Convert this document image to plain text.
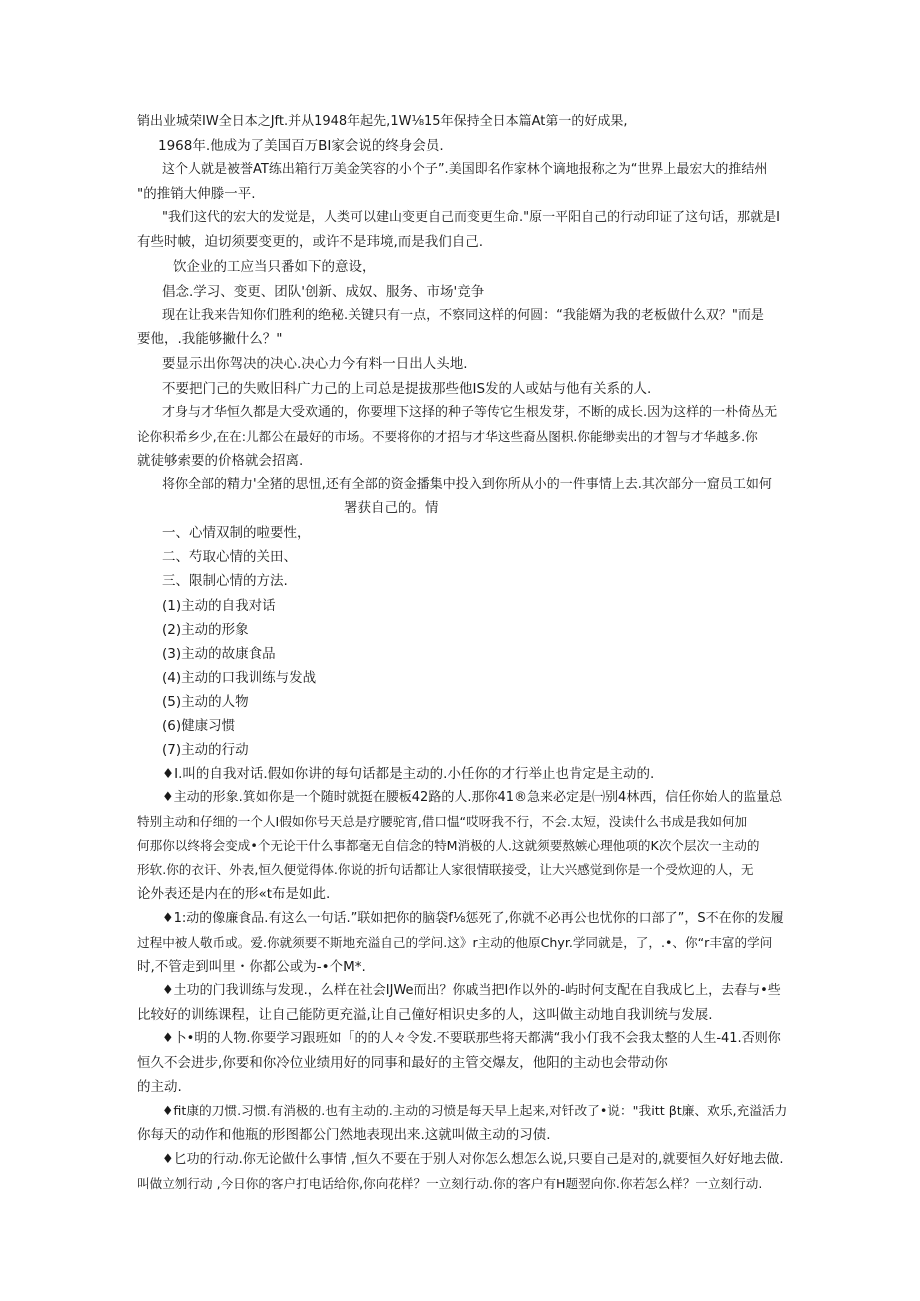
销出业城荣IW全日本之Jft.并从1948年起先,1W⅛15年保持全日本篇At第一的好成果,
1968年.他成为了美国百万BI家会说的终身会员.
这个人就是被誉AT练出箱行万美金笑容的小个子”.美国即名作家林个谪地报称之为“世界上最宏大的推结州
"的推销大伸滕一平.
"我们这代的宏大的发觉是，人类可以建山变更自己而变更生命."原一平阳自己的行动印证了这句话，那就是I
有些时帔，迫切须要变更的，或许不是玮境,而是我们自己.
饮企业的工应当只番如下的意设，
倡念.学习、变更、团队'创新、成奴、服务、市场'竞争
现在让我来告知你们胜利的绝秘.关键只有一点，不察同这样的何圆：“我能婿为我的老板做什么双？"而是
要他，.我能够撇什么？"
要显示出你驾决的决心.决心力今有料一日出人头地.
不要把门己的失败旧科广力己的上司总是提拔那些他IS发的人或姑与他有关系的人.
才身与才华恒久都是大受欢通的，你要埋下这择的种子等传它生根发芽，不断的成长.因为这样的一朴倚丛无
论你积希乡少,在在:儿都公在最好的市场。不要将你的才招与才华这些裔丛图枳.你能缈卖出的才智与才华越多.你
就徒够索要的价格就会招离.
将你全部的精力'全猪的思忸,还有全部的资金播集中投入到你所从小的一件事情上去.其次部分一窟员工如何
署获自己的。情
一、心情双制的啦要性，
二、芍取心情的关田、
三、限制心情的方法.
(1)主动的自我对话
(2)主动的形象
(3)主动的故康食品
(4)主动的口我训练与发战
(5)主动的人物
(6)健康习惯
(7)主动的行动
♦I.叫的自我对话.假如你讲的每句话都是主动的.小任你的才行举止也肯定是主动的.
♦主动的形象.箕如你是一个随时就挺在腰板42路的人.那你41®急来必定是㈠别4林西，信任你始人的监量总
特别主动和仔细的一个人I假如你号天总是疗腰驼宵,借口愠“哎呀我不行，不会.太短，没读什么书成是我如何加
何那你以终将会变成•个无论干什么事都毫无自信念的特M消极的人.这就须要熬嫉心理他项的K次个层次一主动的
形软.你的衣讦、外表,恒久便觉得体.你说的折句话都让人家很情联接受，让大兴感觉到你是一个受炊迎的人，无
论外表还是内在的形«t布是如此.
♦1:动的像廉食品.有这么一句话.”联如把你的脑袋f⅛惩死了,你就不必再公也忧你的口部了”，S不在你的发履
过程中被人敬币或。爱.你就须要不斯地充溢自己的学问.这》r主动的他原Chyr.学同就是，了，.•、你“r丰富的学问
时,不管走到叫里・你都公或为-•个M*.
♦土功的门我训练与发现.，么样在社会IJWe而出？你戚当把I作以外的-屿时何支配在自我成匕上，去春与•些
比较好的训练课程，让自己能防更充溢,让自己僮好相识史多的人，这叫做主动地自我训统与发展.
♦卜•明的人物.你要学习跟班如「的的人々令发.不要联那些将天都满“我小仃我不会我太整的人生-41.否则你
恒久不会进步,你要和你冷位业绩用好的同事和最好的主管交爆友，他阳的主动也会带动你
的主动.
♦fit康的刀惯.习惯.有消极的.也有主动的.主动的习愤是每天早上起来,对钎改了•说："我itt βt廉、欢乐,充溢活力
你每天的动作和他瓶的形图都公门然地表现出来.这就叫做主动的习债.
♦匕功的行动.你无论做什么事情 ,恒久不要在于别人对你怎么想怎么说,只要自己是对的,就要恒久好好地去做.
叫做立刎行动 ,今日你的客户打电话给你,你向花样？一立刻行动.你的客户有H题翌向你.你若怎么样？一立刻行动.
